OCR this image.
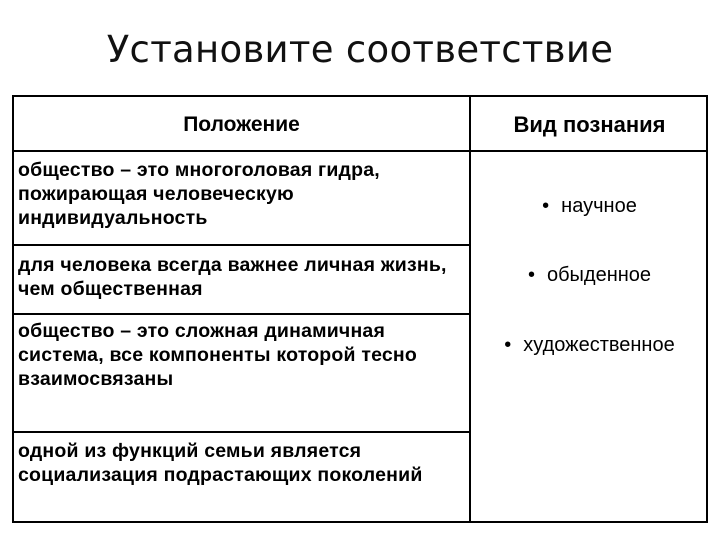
Установите соответствие
Положение	Вид познания
общество – это многоголовая гидра, пожирающая человеческую индивидуальность
для человека всегда важнее личная жизнь, чем общественная
общество – это сложная динамичная система, все компоненты которой тесно взаимосвязаны
одной из функций семьи является социализация подрастающих поколений
• научное
• обыденное
• художественное
